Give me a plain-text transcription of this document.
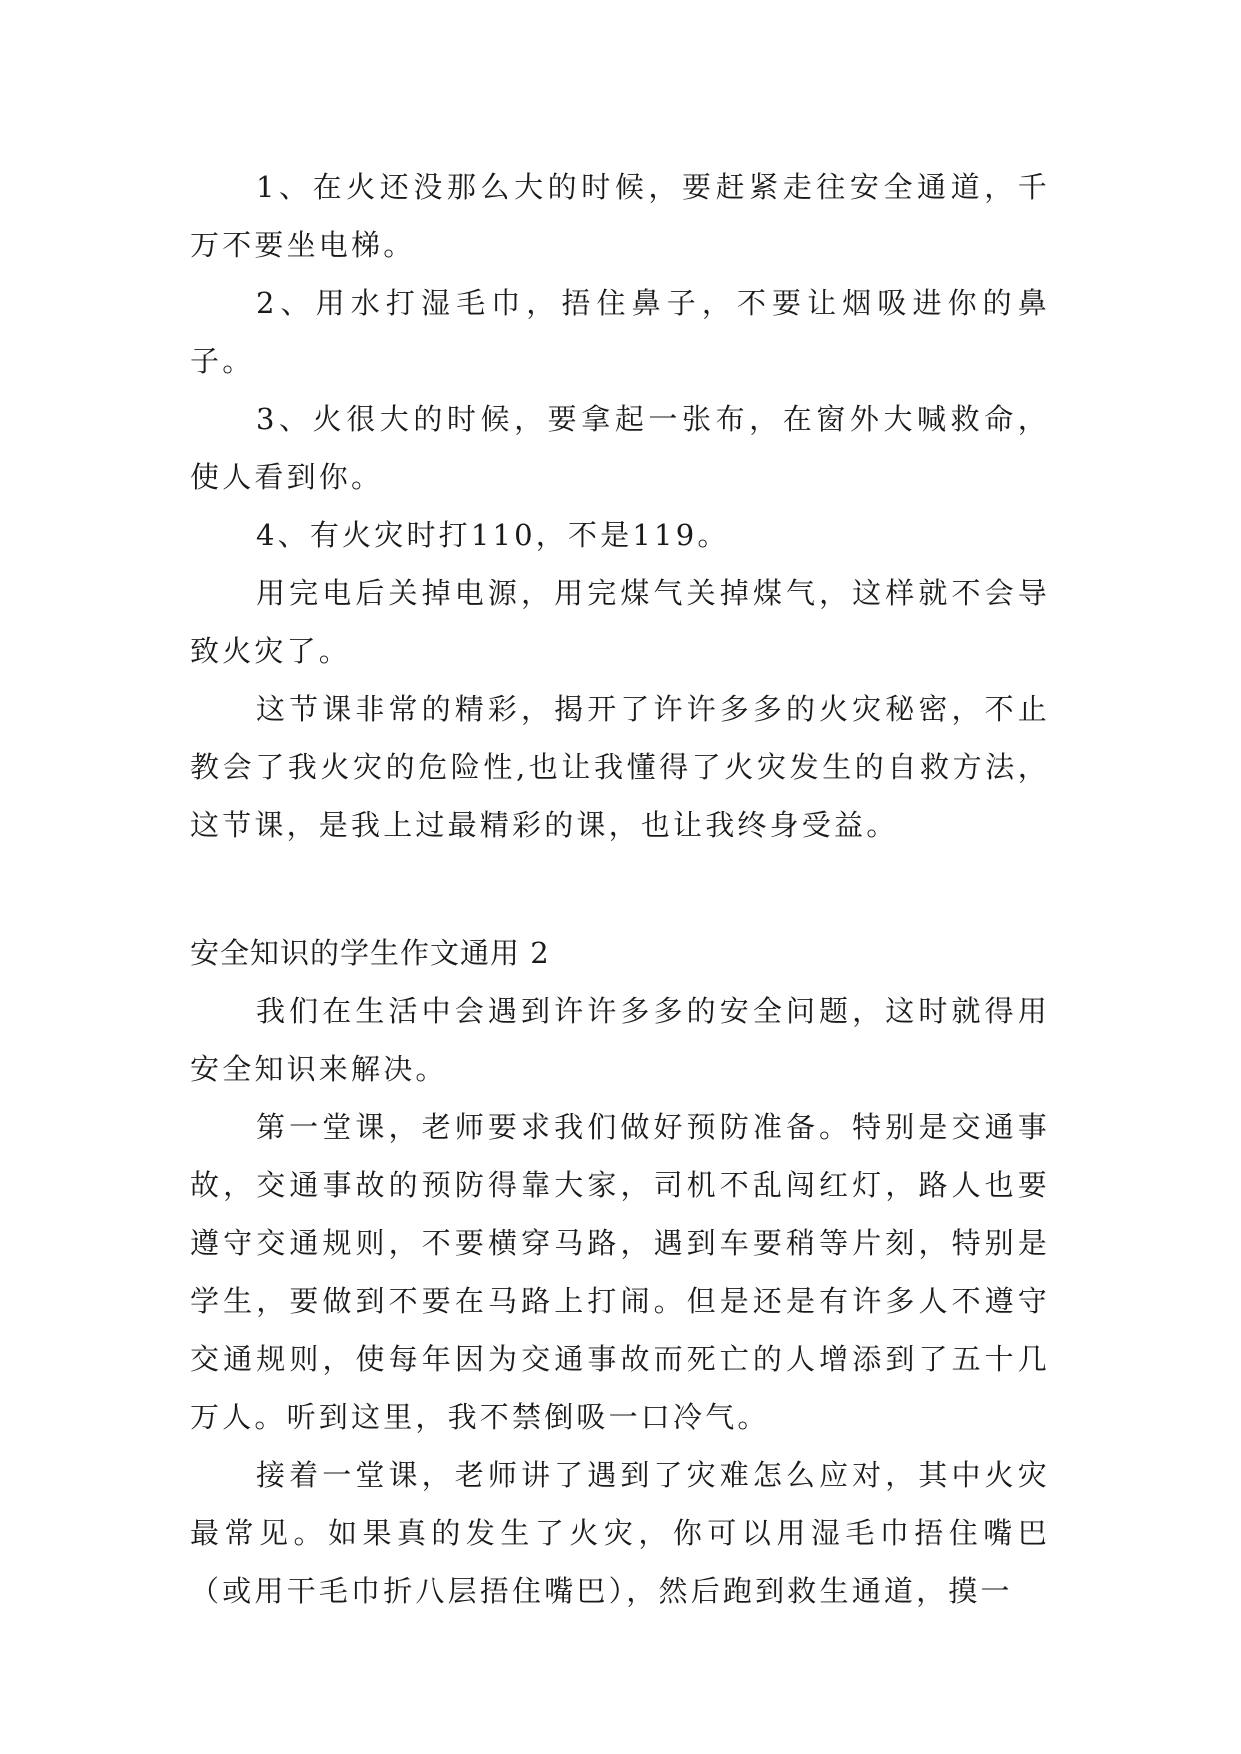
1、在火还没那么大的时候，要赶紧走往安全通道，千万不要坐电梯。

2、用水打湿毛巾，捂住鼻子，不要让烟吸进你的鼻子。

3、火很大的时候，要拿起一张布，在窗外大喊救命，使人看到你。

4、有火灾时打110，不是119。

用完电后关掉电源，用完煤气关掉煤气，这样就不会导致火灾了。

这节课非常的精彩，揭开了许许多多的火灾秘密，不止教会了我火灾的危险性,也让我懂得了火灾发生的自救方法，这节课，是我上过最精彩的课，也让我终身受益。

安全知识的学生作文通用 2

我们在生活中会遇到许许多多的安全问题，这时就得用安全知识来解决。

第一堂课，老师要求我们做好预防准备。特别是交通事故，交通事故的预防得靠大家，司机不乱闯红灯，路人也要遵守交通规则，不要横穿马路，遇到车要稍等片刻，特别是学生，要做到不要在马路上打闹。但是还是有许多人不遵守交通规则，使每年因为交通事故而死亡的人增添到了五十几万人。听到这里，我不禁倒吸一口冷气。

接着一堂课，老师讲了遇到了灾难怎么应对，其中火灾最常见。如果真的发生了火灾，你可以用湿毛巾捂住嘴巴（或用干毛巾折八层捂住嘴巴），然后跑到救生通道，摸一
